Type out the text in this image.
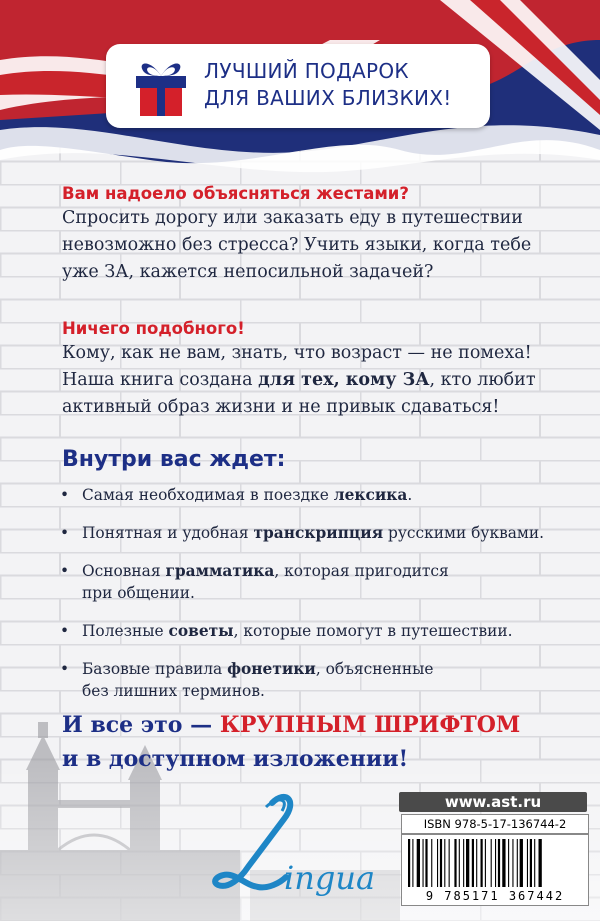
ЛУЧШИЙ ПОДАРОК
ДЛЯ ВАШИХ БЛИЗКИХ!
Вам надоело объясняться жестами?
Спросить дорогу или заказать еду в путешествии
невозможно без стресса? Учить языки, когда тебе
уже ЗА, кажется непосильной задачей?
Ничего подобного!
Кому, как не вам, знать, что возраст — не помеха!
Наша книга создана для тех, кому ЗА, кто любит
активный образ жизни и не привык сдаваться!
Внутри вас ждет:
• Самая необходимая в поездке лексика.
• Понятная и удобная транскрипция русскими буквами.
• Основная грамматика, которая пригодится
при общении.
• Полезные советы, которые помогут в путешествии.
• Базовые правила фонетики, объясненные
без лишних терминов.
И все это — КРУПНЫМ ШРИФТОМ
и в доступном изложении!
ingua
www.ast.ru
ISBN 978-5-17-136744-2
9 785171 367442
